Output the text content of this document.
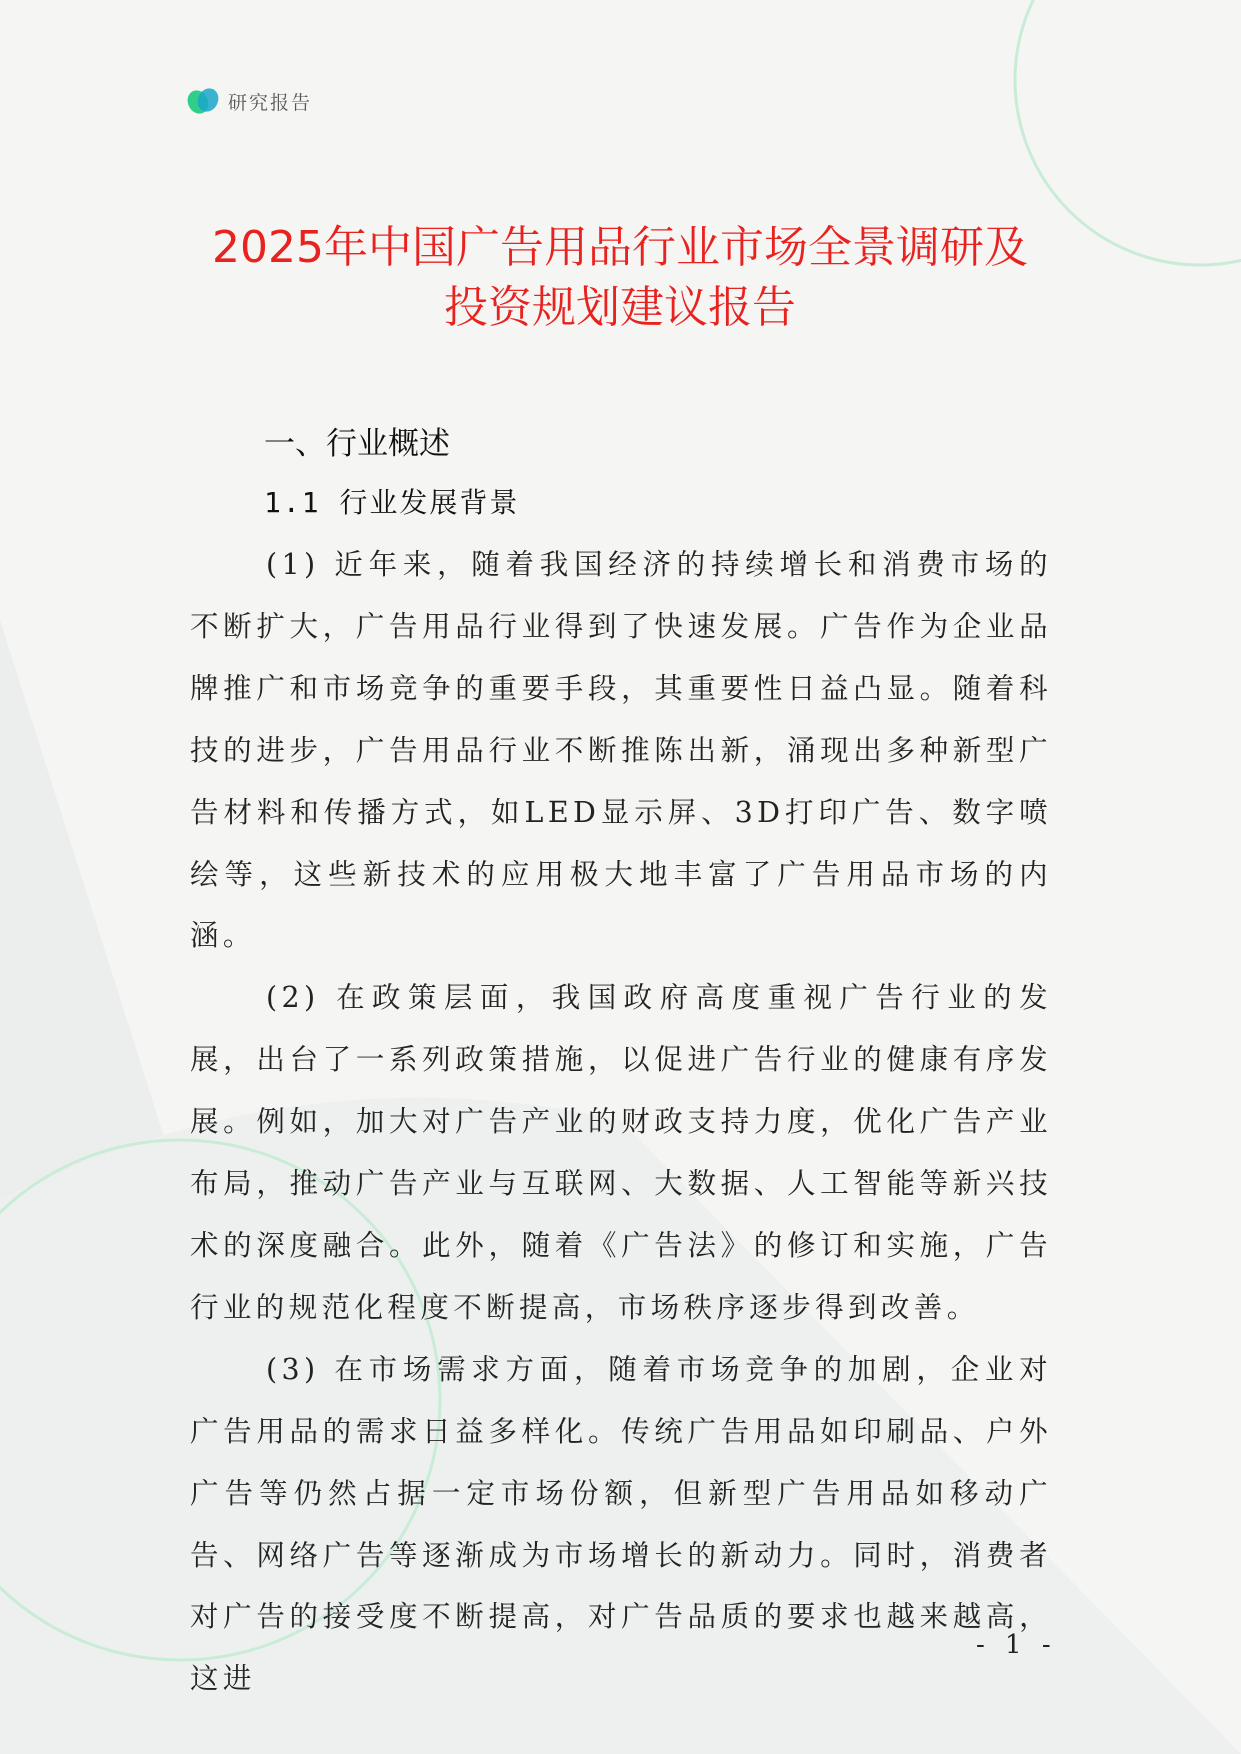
研究报告
2025年中国广告用品行业市场全景调研及
投资规划建议报告
一、行业概述
1.1 行业发展背景

(1) 近年来，随着我国经济的持续增长和消费市场的不断扩大，广告用品行业得到了快速发展。广告作为企业品牌推广和市场竞争的重要手段，其重要性日益凸显。随着科技的进步，广告用品行业不断推陈出新，涌现出多种新型广告材料和传播方式，如LED显示屏、3D打印广告、数字喷绘等，这些新技术的应用极大地丰富了广告用品市场的内涵。

(2) 在政策层面，我国政府高度重视广告行业的发展，出台了一系列政策措施，以促进广告行业的健康有序发展。例如，加大对广告产业的财政支持力度，优化广告产业布局，推动广告产业与互联网、大数据、人工智能等新兴技术的深度融合。此外，随着《广告法》的修订和实施，广告行业的规范化程度不断提高，市场秩序逐步得到改善。

(3) 在市场需求方面，随着市场竞争的加剧，企业对广告用品的需求日益多样化。传统广告用品如印刷品、户外广告等仍然占据一定市场份额，但新型广告用品如移动广告、网络广告等逐渐成为市场增长的新动力。同时，消费者对广告的接受度不断提高，对广告品质的要求也越来越高，这进

- 1 -
